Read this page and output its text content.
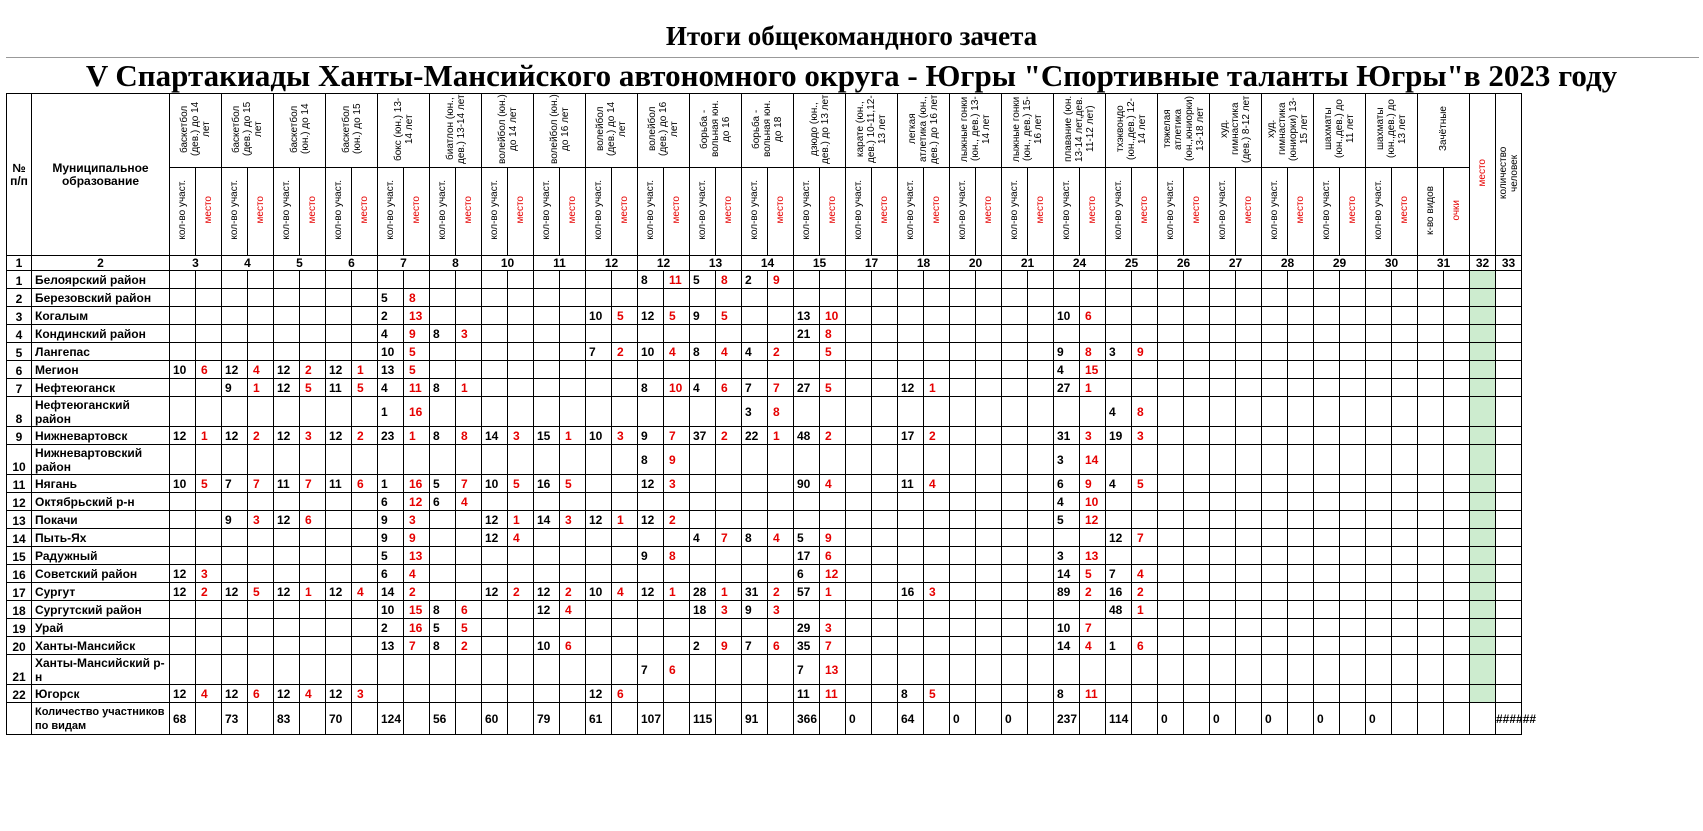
Итоги общекомандного зачета
V Спартакиады Ханты-Мансийского автономного округа - Югры "Спортивные таланты Югры"в 2023 году
№ п/п	Муниципальное образование	баскетбол (дев.) до 14 лет		баскетбол (дев.) до 15 лет		баскетбол (юн.) до 14		баскетбол (юн.) до 15		бокс (юн.) 13-14 лет		биатлон (юн., дев.) 13-14 лет		волейбол (юн.) до 14 лет		волейбол (юн.) до 16 лет		волейбол (дев.) до 14 лет		волейбол (дев.) до 16 лет		борьба - вольная юн. до 16		борьба - вольная юн. до 18		дзюдо (юн., дев.) до 13 лет		карате (юн., дев.) 10-11,12-13 лет		легкая атлетика (юн., дев.) до 16 лет		лыжные гонки (юн., дев.) 13-14 лет		лыжные гонки (юн., дев.) 15-16 лет		плавание (юн. 13-14 лет,дев. 11-12 лет)		тхэквондо (юн.,дев.) 12-14 лет		тяжелая атлетика (юн.,юниорки) 13-18 лет		худ. гимнастика (дев.) 8-12 лет		худ. гимнастика (юниорки) 13-15 лет		шахматы (юн.,дев.) до 11 лет		шахматы (юн.,дев.) до 13 лет		Зачётные		место	количество человек
		кол-во участ.	место	кол-во участ.	место	кол-во участ.	место	кол-во участ.	место	кол-во участ.	место	кол-во участ.	место	кол-во участ.	место	кол-во участ.	место	кол-во участ.	место	кол-во участ.	место	кол-во участ.	место	кол-во участ.	место	кол-во участ.	место	кол-во участ.	место	кол-во участ.	место	кол-во участ.	место	кол-во участ.	место	кол-во участ.	место	кол-во участ.	место	кол-во участ.	место	кол-во участ.	место	кол-во участ.	место	кол-во участ.	место	кол-во участ.	место	к-во видов	очки		
1	2	3		4		5		6		7		8		10		11		12		12		13		14		15		17		18		20		21		24		25		26		27		28		29		30		31		32	33
1	Белоярский район																			8	11	5	8	2	9																												
2	Березовский район									5	8																																										
3	Когалым									2	13							10	5	12	5	9	5			13	10									10	6																
4	Кондинский район									4	9	8	3													21	8																										
5	Лангепас									10	5							7	2	10	4	8	4	4	2		5									9	8	3	9														
6	Мегион	10	6	12	4	12	2	12	1	13	5																									4	15																
7	Нефтеюганск			9	1	12	5	11	5	4	11	8	1							8	10	4	6	7	7	27	5			12	1					27	1																
8	Нефтеюганский район									1	16													3	8													4	8														
9	Нижневартовск	12	1	12	2	12	3	12	2	23	1	8	8	14	3	15	1	10	3	9	7	37	2	22	1	48	2			17	2					31	3	19	3														
10	Нижневартовский район																			8	9															3	14																
11	Нягань	10	5	7	7	11	7	11	6	1	16	5	7	10	5	16	5			12	3					90	4			11	4					6	9	4	5														
12	Октябрьский р-н									6	12	6	4																							4	10																
13	Покачи			9	3	12	6			9	3			12	1	14	3	12	1	12	2															5	12																
14	Пыть-Ях									9	9			12	4							4	7	8	4	5	9											12	7														
15	Радужный									5	13									9	8					17	6									3	13																
16	Советский район	12	3							6	4															6	12									14	5	7	4														
17	Сургут	12	2	12	5	12	1	12	4	14	2			12	2	12	2	10	4	12	1	28	1	31	2	57	1			16	3					89	2	16	2														
18	Сургутский район									10	15	8	6			12	4					18	3	9	3													48	1														
19	Урай									2	16	5	5													29	3									10	7																
20	Ханты-Мансийск									13	7	8	2			10	6					2	9	7	6	35	7									14	4	1	6														
21	Ханты-Мансийский р-н																			7	6					7	13																										
22	Югорск	12	4	12	6	12	4	12	3									12	6							11	11			8	5					8	11																
	Количество участников по видам	68		73		83		70		124		56		60		79		61		107		115		91		366		0		64		0		0		237		114		0		0		0		0		0					######
